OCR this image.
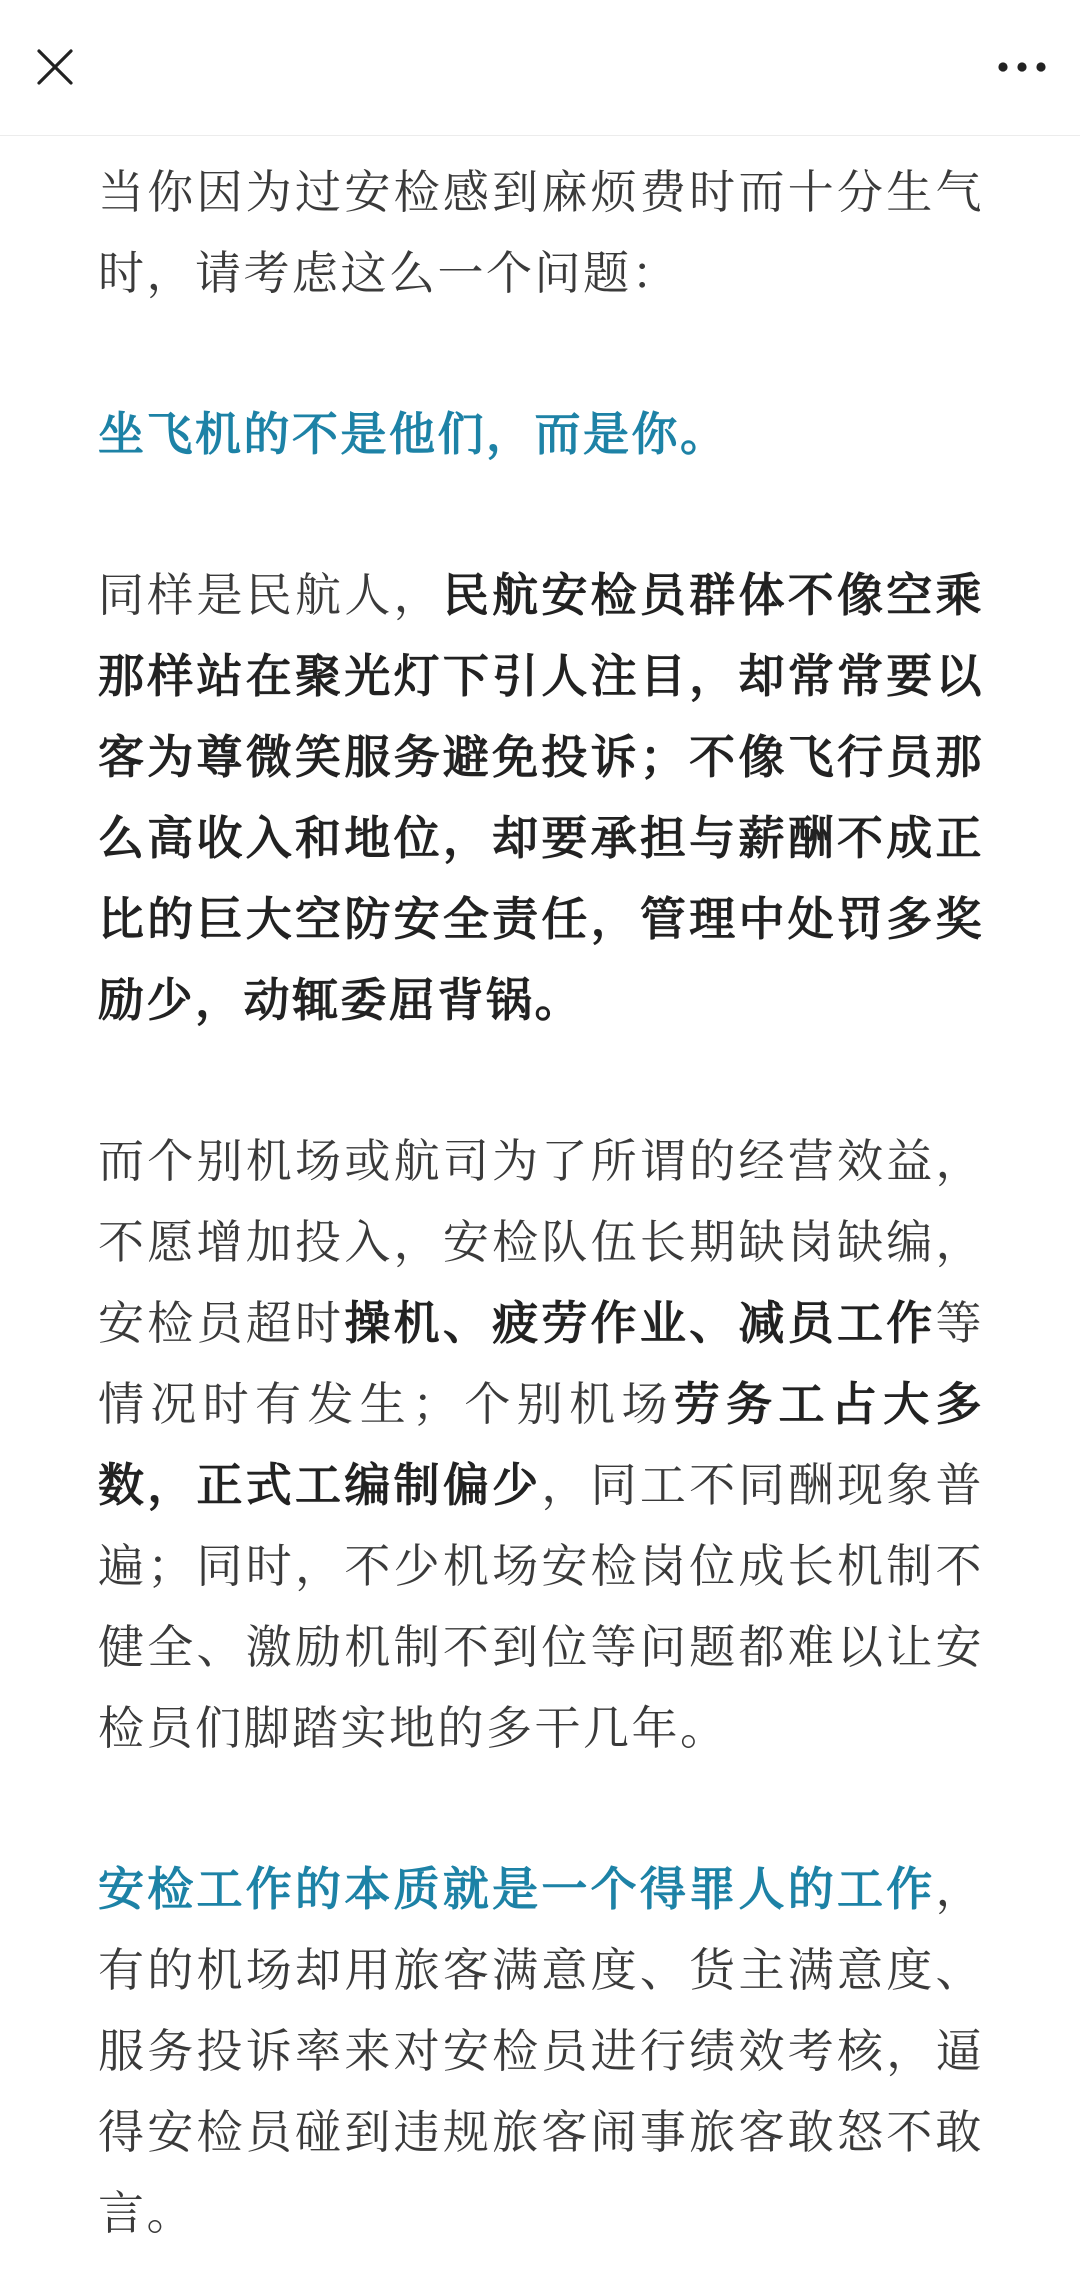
当你因为过安检感到麻烦费时而十分生气时，请考虑这么一个问题：

坐飞机的不是他们，而是你。

同样是民航人，民航安检员群体不像空乘那样站在聚光灯下引人注目，却常常要以客为尊微笑服务避免投诉；不像飞行员那么高收入和地位，却要承担与薪酬不成正比的巨大空防安全责任，管理中处罚多奖励少，动辄委屈背锅。

而个别机场或航司为了所谓的经营效益，不愿增加投入，安检队伍长期缺岗缺编，安检员超时操机、疲劳作业、减员工作等情况时有发生；个别机场劳务工占大多数，正式工编制偏少，同工不同酬现象普遍；同时，不少机场安检岗位成长机制不健全、激励机制不到位等问题都难以让安检员们脚踏实地的多干几年。

安检工作的本质就是一个得罪人的工作，有的机场却用旅客满意度、货主满意度、服务投诉率来对安检员进行绩效考核，逼得安检员碰到违规旅客闹事旅客敢怒不敢言。
